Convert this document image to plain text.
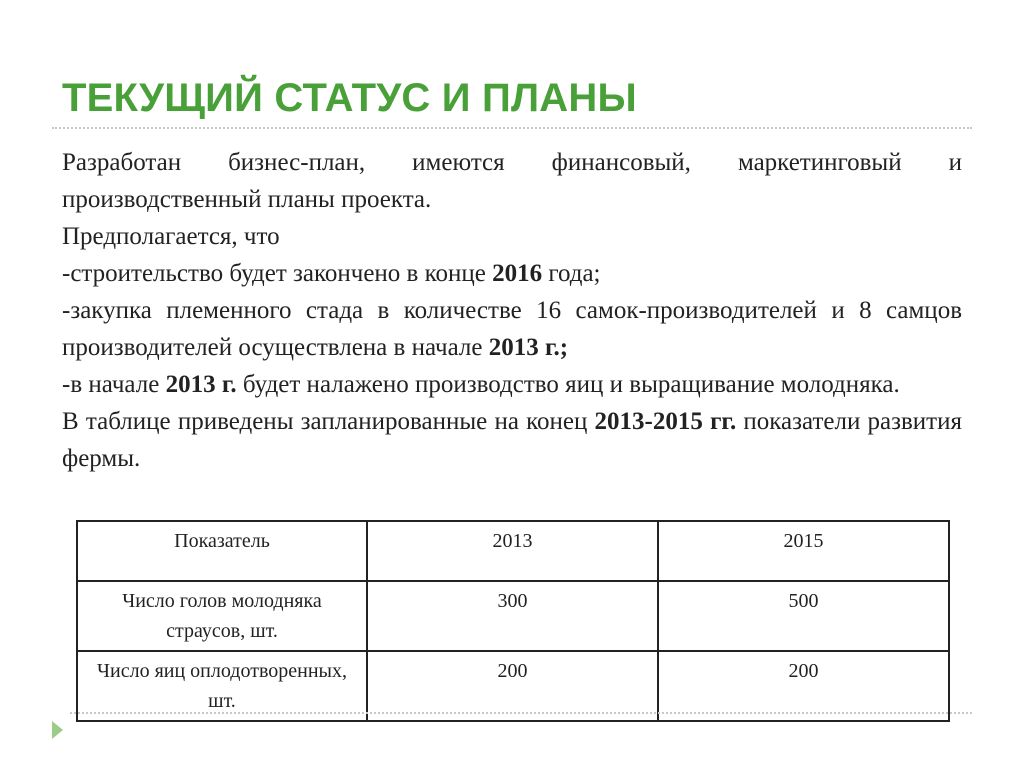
ТЕКУЩИЙ СТАТУС И ПЛАНЫ

Разработан бизнес-план, имеются финансовый, маркетинговый и производственный планы проекта.

Предполагается, что

-строительство будет закончено в конце 2016 года;

-закупка племенного стада в количестве 16 самок-производителей и 8 самцов производителей осуществлена в начале 2013 г.;

-в начале 2013 г. будет налажено производство яиц и выращивание молодняка.

В таблице приведены запланированные на конец 2013-2015 гг. показатели развития фермы.

Показатель	2013	2015
Число голов молодняка страусов, шт.	300	500
Число яиц оплодотворенных, шт.	200	200
